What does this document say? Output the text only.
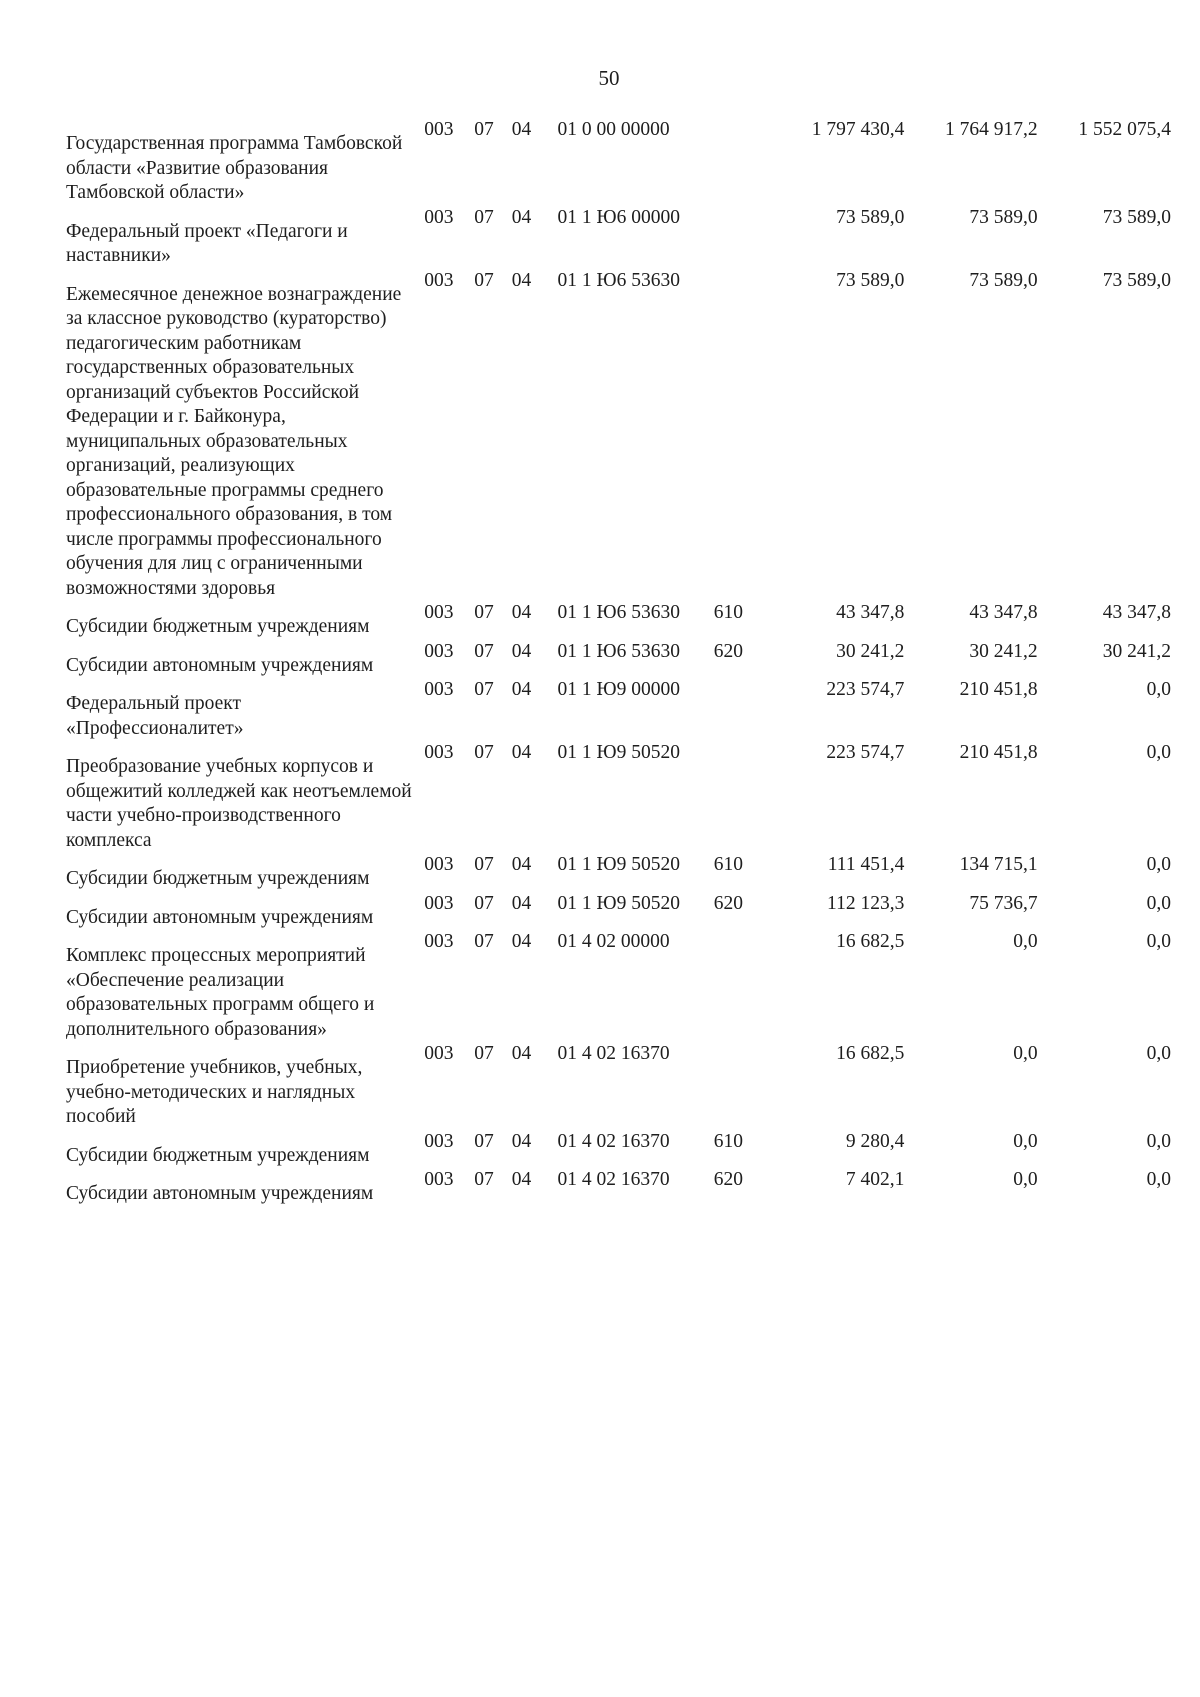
50
Государственная программа Тамбовской области «Развитие образования Тамбовской области»	003	07	04	01 0 00 00000		1 797 430,4	1 764 917,2	1 552 075,4
Федеральный проект «Педагоги и наставники»	003	07	04	01 1 Ю6 00000		73 589,0	73 589,0	73 589,0
Ежемесячное денежное вознаграждение за классное руководство (кураторство) педагогическим работникам государственных образовательных организаций субъектов Российской Федерации и г. Байконура, муниципальных образовательных организаций, реализующих образовательные программы среднего профессионального образования, в том числе программы профессионального обучения для лиц с ограниченными возможностями здоровья	003	07	04	01 1 Ю6 53630		73 589,0	73 589,0	73 589,0
Субсидии бюджетным учреждениям	003	07	04	01 1 Ю6 53630	610	43 347,8	43 347,8	43 347,8
Субсидии автономным учреждениям	003	07	04	01 1 Ю6 53630	620	30 241,2	30 241,2	30 241,2
Федеральный проект «Профессионалитет»	003	07	04	01 1 Ю9 00000		223 574,7	210 451,8	0,0
Преобразование учебных корпусов и общежитий колледжей как неотъемлемой части учебно-производственного комплекса	003	07	04	01 1 Ю9 50520		223 574,7	210 451,8	0,0
Субсидии бюджетным учреждениям	003	07	04	01 1 Ю9 50520	610	111 451,4	134 715,1	0,0
Субсидии автономным учреждениям	003	07	04	01 1 Ю9 50520	620	112 123,3	75 736,7	0,0
Комплекс процессных мероприятий «Обеспечение реализации образовательных программ общего и дополнительного образования»	003	07	04	01 4 02 00000		16 682,5	0,0	0,0
Приобретение учебников, учебных, учебно-методических и наглядных пособий	003	07	04	01 4 02 16370		16 682,5	0,0	0,0
Субсидии бюджетным учреждениям	003	07	04	01 4 02 16370	610	9 280,4	0,0	0,0
Субсидии автономным учреждениям	003	07	04	01 4 02 16370	620	7 402,1	0,0	0,0
